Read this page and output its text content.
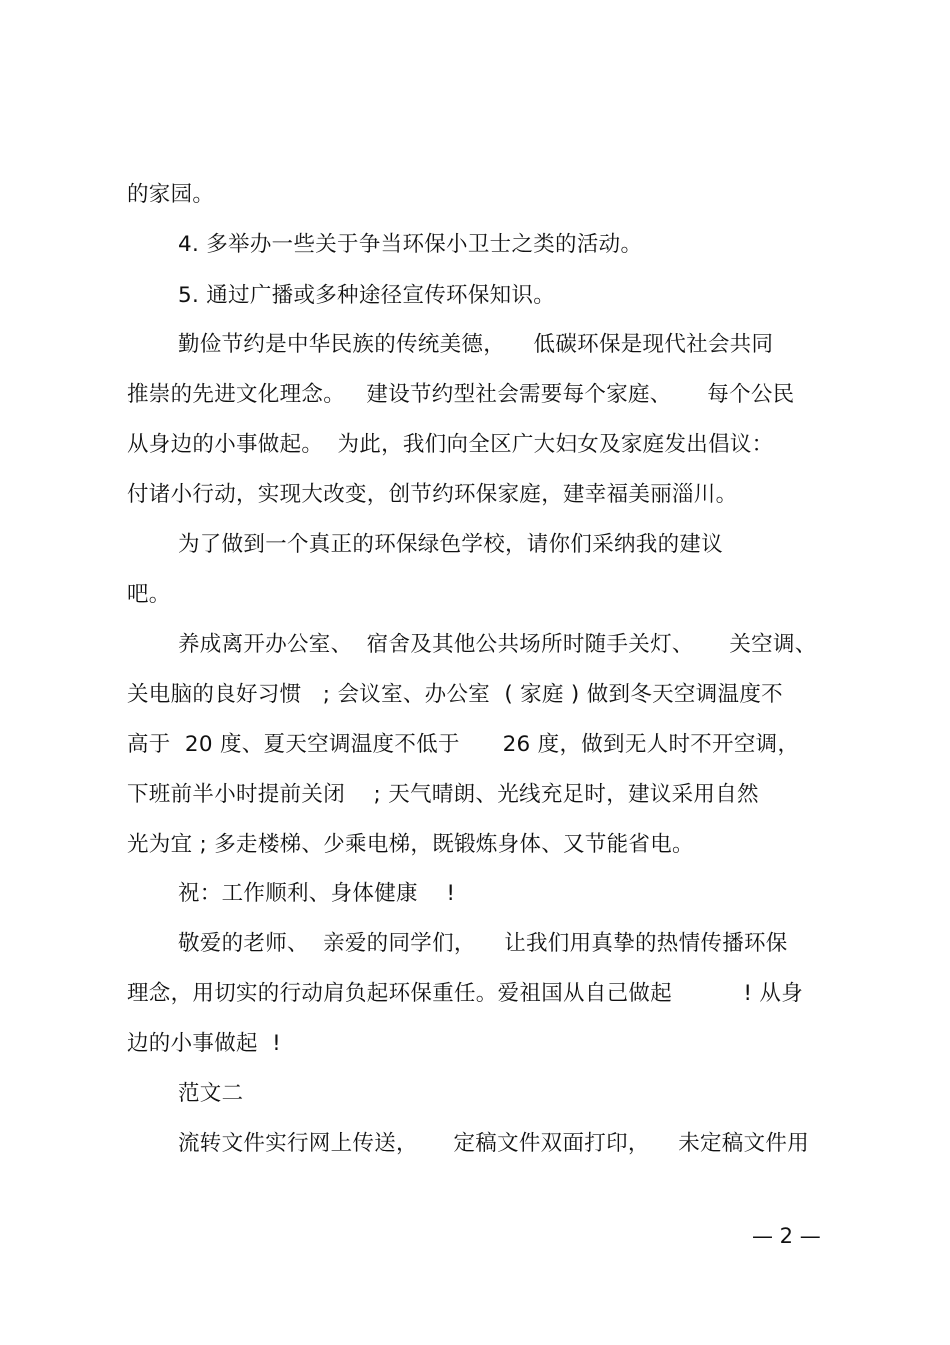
的家园。
4. 多举办一些关于争当环保小卫士之类的活动。
5. 通过广播或多种途径宣传环保知识。
勤俭节约是中华民族的传统美德，    低碳环保是现代社会共同
推崇的先进文化理念。   建设节约型社会需要每个家庭、     每个公民
从身边的小事做起。  为此，我们向全区广大妇女及家庭发出倡议：
付诸小行动，实现大改变，创节约环保家庭，建幸福美丽淄川。
为了做到一个真正的环保绿色学校，请你们采纳我的建议
吧。
养成离开办公室、  宿舍及其他公共场所时随手关灯、     关空调、
关电脑的良好习惯   ; 会议室、办公室  ( 家庭 ) 做到冬天空调温度不
高于  20 度、夏天空调温度不低于      26 度，做到无人时不开空调，
下班前半小时提前关闭    ; 天气晴朗、光线充足时，建议采用自然
光为宜 ; 多走楼梯、少乘电梯，既锻炼身体、又节能省电。
祝：工作顺利、身体健康    !
敬爱的老师、  亲爱的同学们，    让我们用真挚的热情传播环保
理念，用切实的行动肩负起环保重任。爱祖国从自己做起          ! 从身
边的小事做起  !
范文二
流转文件实行网上传送，     定稿文件双面打印，    未定稿文件用
— 2 —
